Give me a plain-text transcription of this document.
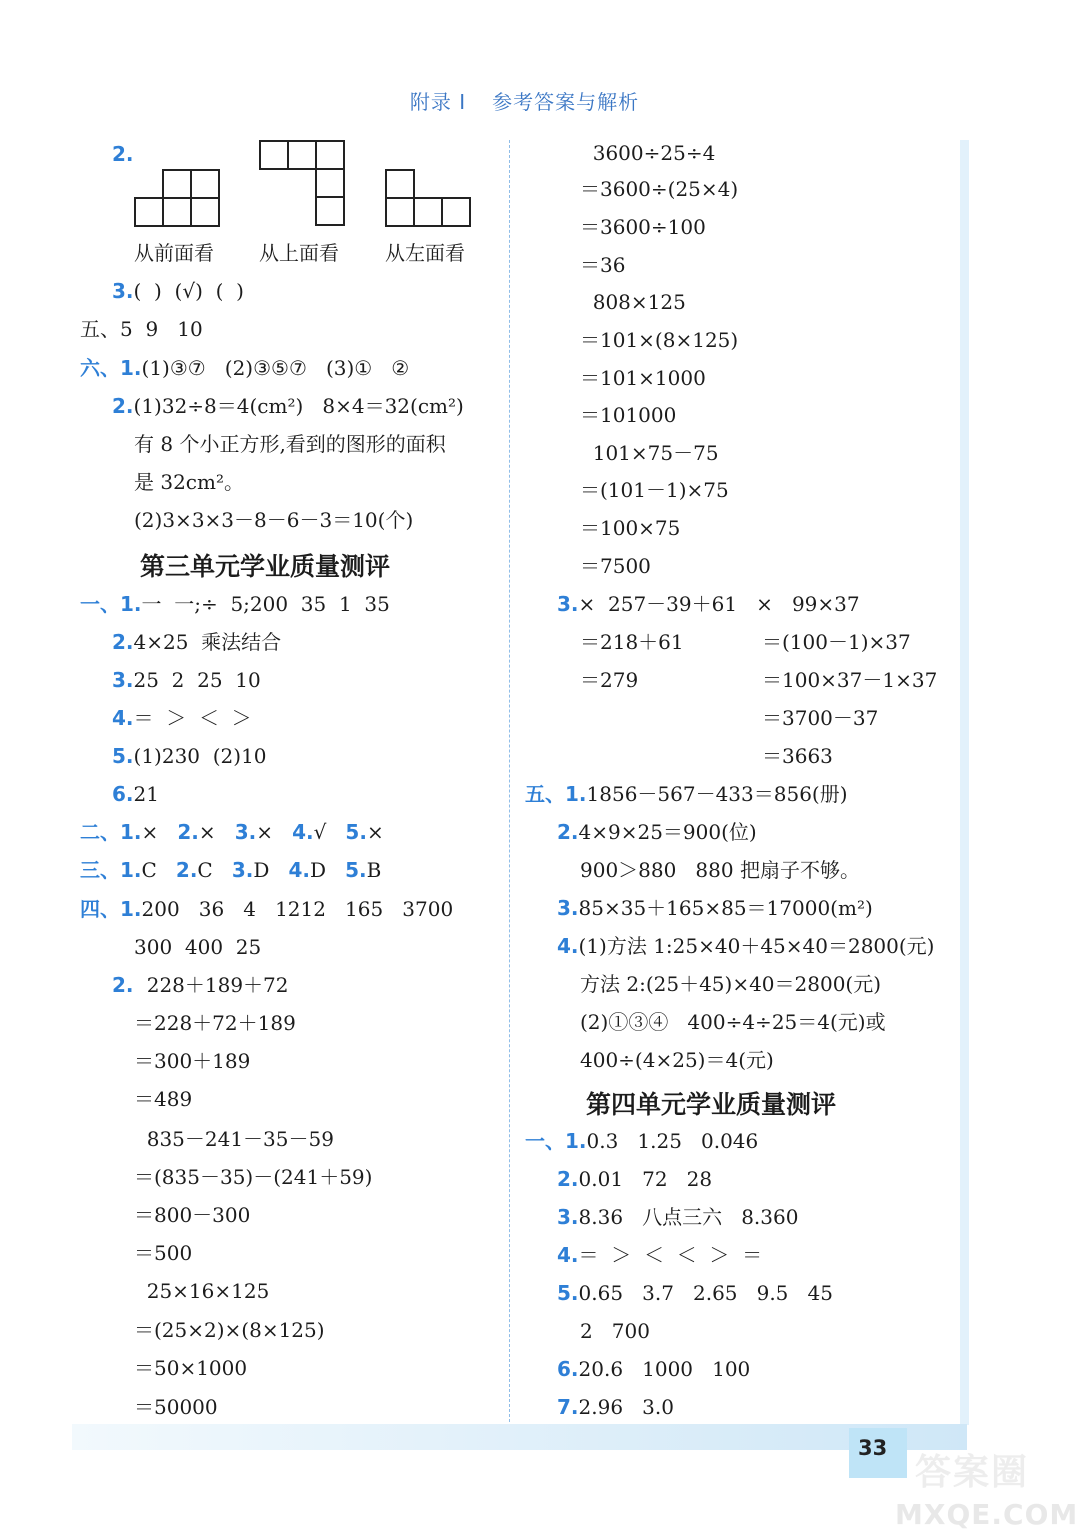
附录 I 参考答案与解析
2.
从前面看 从上面看 从左面看
3.(  )  (√)  (  )
五、5  9   10
六、1.(1)③⑦   (2)③⑤⑦   (3)①   ②
2.(1)32÷8＝4(cm²)   8×4＝32(cm²)
有 8 个小正方形,看到的图形的面积
是 32cm²。
(2)3×3×3－8－6－3＝10(个)
第三单元学业质量测评
一、1.一  一;÷  5;200  35  1  35
2.4×25  乘法结合
3.25  2  25  10
4.＝  ＞  ＜  ＞
5.(1)230  (2)10
6.21
二、1.× 2.× 3.× 4.√ 5.×
三、1.C 2.C 3.D 4.D 5.B
四、1.200   36   4   1212   165   3700
300  400  25
2. 228＋189＋72
＝228＋72＋189
＝300＋189
＝489
835－241－35－59
＝(835－35)－(241＋59)
＝800－300
＝500
25×16×125
＝(25×2)×(8×125)
＝50×1000
＝50000
3600÷25÷4
＝3600÷(25×4)
＝3600÷100
＝36
808×125
＝101×(8×125)
＝101×1000
＝101000
101×75－75
＝(101－1)×75
＝100×75
＝7500
3.×  257－39＋61   ×   99×37
＝218＋61	＝(100－1)×37
＝279	＝100×37－1×37
＝3700－37
＝3663
五、1.1856－567－433＝856(册)
2.4×9×25＝900(位)
900＞880   880 把扇子不够。
3.85×35＋165×85＝17000(m²)
4.(1)方法 1:25×40＋45×40＝2800(元)
方法 2:(25＋45)×40＝2800(元)
(2)①③④   400÷4÷25＝4(元)或
400÷(4×25)＝4(元)
第四单元学业质量测评
一、1.0.3   1.25   0.046
2.0.01   72   28
3.8.36   八点三六   8.360
4.＝  ＞  ＜  ＜  ＞  ＝
5.0.65   3.7   2.65   9.5   45
2   700
6.20.6   1000   100
7.2.96   3.0
33
答案圈
MXQE.COM
